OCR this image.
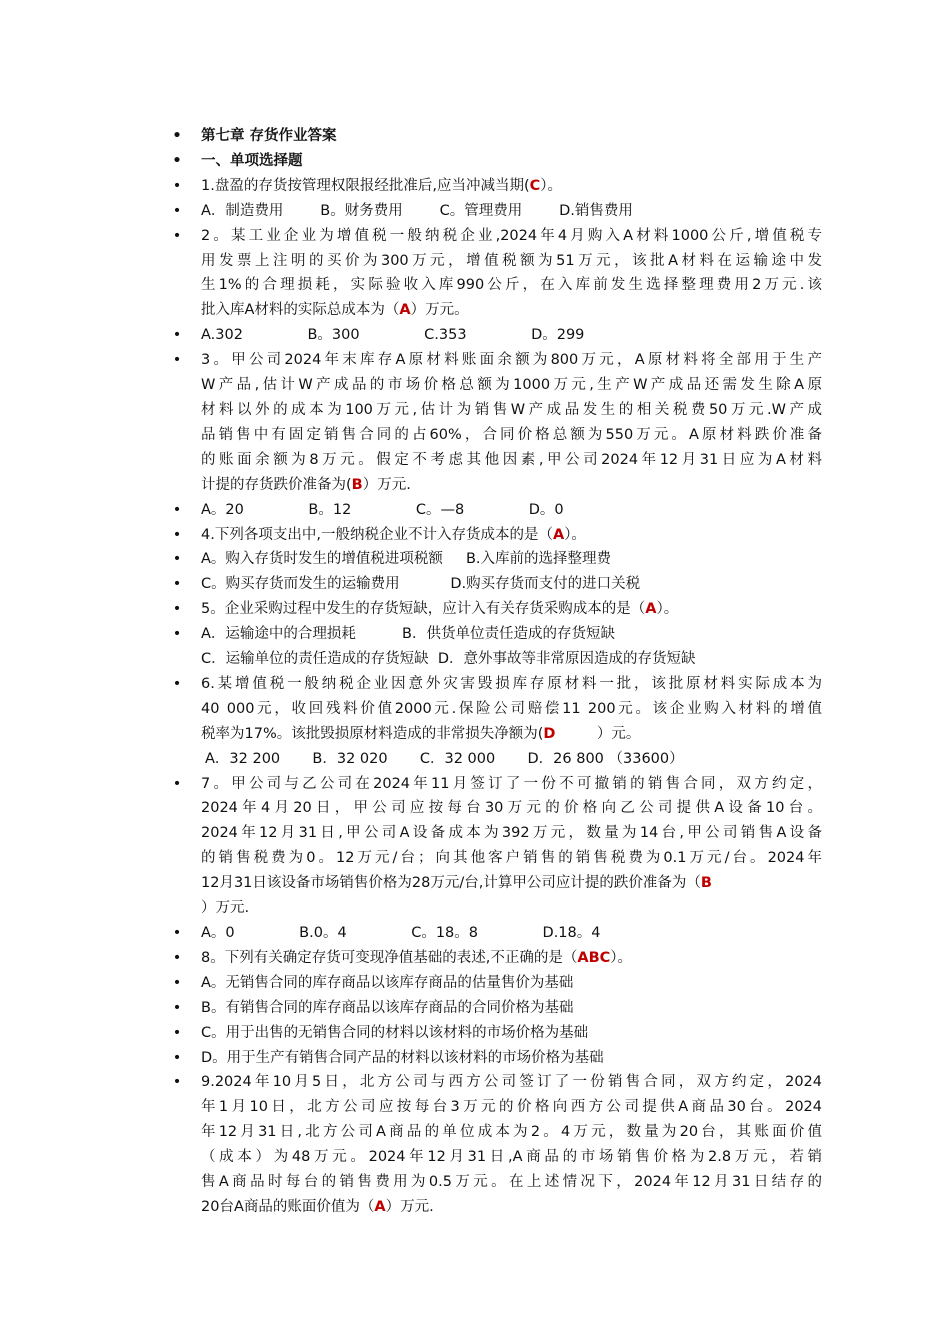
• 第七章 存货作业答案
• 一、单项选择题
• 1.盘盈的存货按管理权限报经批准后,应当冲减当期(C）。
• A．制造费用        B。财务费用        C。管理费用        D.销售费用
• 2。某工业企业为增值税一般纳税企业,2024年4月购入A材料1000公斤,增值税专
用发票上注明的买价为300万元，增值税额为51万元，该批A材料在运输途中发
生1%的合理损耗，实际验收入库990公斤，在入库前发生选择整理费用2万元.该
批入库A材料的实际总成本为（A）万元。
• A.302              B。300              C.353              D。299
• 3。甲公司2024年末库存A原材料账面余额为800万元，A原材料将全部用于生产
W产品,估计W产成品的市场价格总额为1000万元,生产W产成品还需发生除A原
材料以外的成本为100万元,估计为销售W产成品发生的相关税费50万元.W产成
品销售中有固定销售合同的占60%，合同价格总额为550万元。A原材料跌价准备
的账面余额为8万元。假定不考虑其他因素,甲公司2024年12月31日应为A材料
计提的存货跌价准备为(B）万元.
• A。20              B。12              C。—8              D。0
• 4.下列各项支出中,一般纳税企业不计入存货成本的是（A）。
• A。购入存货时发生的增值税进项税额     B.入库前的选择整理费
• C。购买存货而发生的运输费用           D.购买存货而支付的进口关税
• 5。企业采购过程中发生的存货短缺，应计入有关存货采购成本的是（A）。
• A．运输途中的合理损耗          B．供货单位责任造成的存货短缺
C．运输单位的责任造成的存货短缺  D．意外事故等非常原因造成的存货短缺
• 6.某增值税一般纳税企业因意外灾害毁损库存原材料一批，该批原材料实际成本为
40 000元，收回残料价值2000元.保险公司赔偿11 200元。该企业购入材料的增值
税率为17%。该批毁损原材料造成的非常损失净额为(D         ）元。
A．32 200       B．32 020       C．32 000       D．26 800 （33600）
• 7。甲公司与乙公司在2024年11月签订了一份不可撤销的销售合同，双方约定，
2024年4月20日，甲公司应按每台30万元的价格向乙公司提供A设备10台。
2024年12月31日,甲公司A设备成本为392万元，数量为14台,甲公司销售A设备
的销售税费为0。12万元/台；向其他客户销售的销售税费为0.1万元/台。2024年
12月31日该设备市场销售价格为28万元/台,计算甲公司应计提的跌价准备为（B
）万元.
• A。0              B.0。4              C。18。8              D.18。4
• 8。下列有关确定存货可变现净值基础的表述,不正确的是（ABC）。
• A。无销售合同的库存商品以该库存商品的估量售价为基础
• B。有销售合同的库存商品以该库存商品的合同价格为基础
• C。用于出售的无销售合同的材料以该材料的市场价格为基础
• D。用于生产有销售合同产品的材料以该材料的市场价格为基础
• 9.2024年10月5日，北方公司与西方公司签订了一份销售合同，双方约定，2024
年1月10日，北方公司应按每台3万元的价格向西方公司提供A商品30台。2024
年12月31日,北方公司A商品的单位成本为2。4万元，数量为20台，其账面价值
（成本）为48万元。2024年12月31日,A商品的市场销售价格为2.8万元，若销
售A商品时每台的销售费用为0.5万元。在上述情况下，2024年12月31日结存的
20台A商品的账面价值为（A）万元.
